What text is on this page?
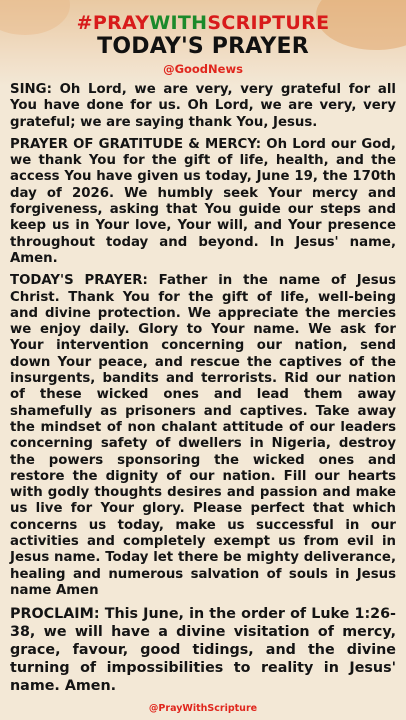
#PRAYWITHSCRIPTURE
TODAY'S PRAYER
@GoodNews

SING: Oh Lord, we are very, very grateful for all You have done for us. Oh Lord, we are very, very grateful; we are saying thank You, Jesus.

PRAYER OF GRATITUDE & MERCY: Oh Lord our God, we thank You for the gift of life, health, and the access You have given us today, June 19, the 170th day of 2026. We humbly seek Your mercy and forgiveness, asking that You guide our steps and keep us in Your love, Your will, and Your presence throughout today and beyond. In Jesus' name, Amen.

TODAY'S PRAYER: Father in the name of Jesus Christ. Thank You for the gift of life, well-being and divine protection. We appreciate the mercies we enjoy daily. Glory to Your name. We ask for Your intervention concerning our nation, send down Your peace, and rescue the captives of the insurgents, bandits and terrorists. Rid our nation of these wicked ones and lead them away shamefully as prisoners and captives. Take away the mindset of non chalant attitude of our leaders concerning safety of dwellers in Nigeria, destroy the powers sponsoring the wicked ones and restore the dignity of our nation. Fill our hearts with godly thoughts desires and passion and make us live for Your glory. Please perfect that which concerns us today, make us successful in our activities and completely exempt us from evil in Jesus name. Today let there be mighty deliverance, healing and numerous salvation of souls in Jesus name Amen

PROCLAIM: This June, in the order of Luke 1:26-38, we will have a divine visitation of mercy, grace, favour, good tidings, and the divine turning of impossibilities to reality in Jesus' name. Amen.

@PrayWithScripture
